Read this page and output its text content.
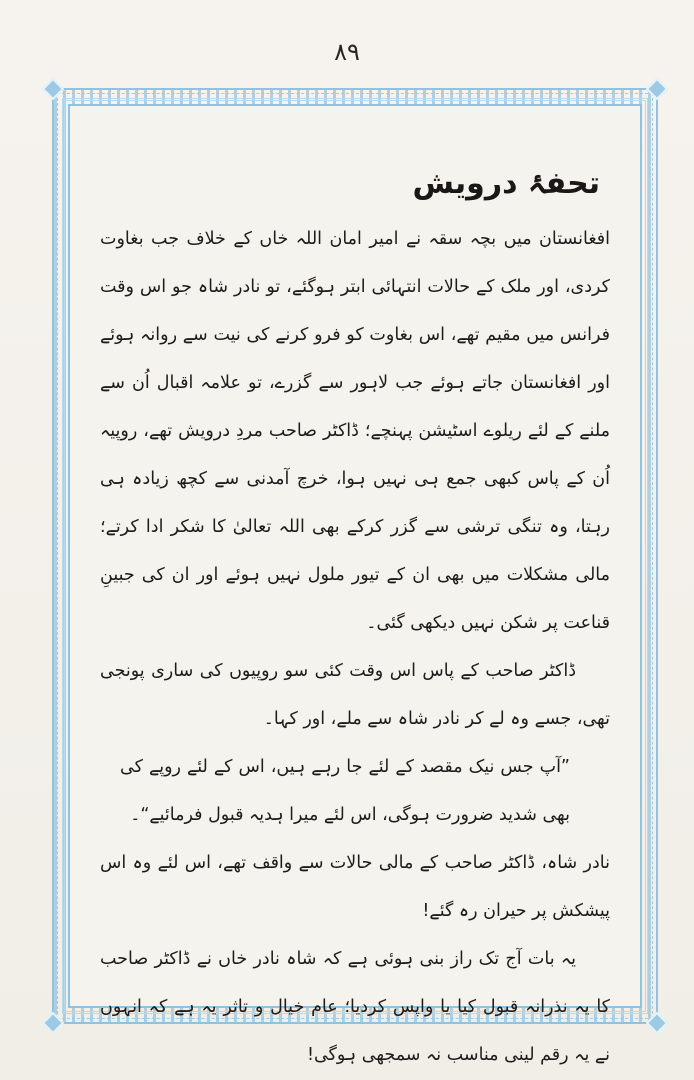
۸۹
تحفۂ درویش

افغانستان میں بچہ سقہ نے امیر امان اللہ خاں کے خلاف جب بغاوت کردی، اور ملک کے حالات انتہائی ابتر ہوگئے، تو نادر شاہ جو اس وقت فرانس میں مقیم تھے، اس بغاوت کو فرو کرنے کی نیت سے روانہ ہوئے اور افغانستان جاتے ہوئے جب لاہور سے گزرے، تو علامہ اقبال اُن سے ملنے کے لئے ریلوے اسٹیشن پہنچے؛ ڈاکٹر صاحب مردِ درویش تھے، روپیہ اُن کے پاس کبھی جمع ہی نہیں ہوا، خرچ آمدنی سے کچھ زیادہ ہی رہتا، وہ تنگی ترشی سے گزر کرکے بھی اللہ تعالیٰ کا شکر ادا کرتے؛ مالی مشکلات میں بھی ان کے تیور ملول نہیں ہوئے اور ان کی جبینِ قناعت پر شکن نہیں دیکھی گئی۔

ڈاکٹر صاحب کے پاس اس وقت کئی سو روپیوں کی ساری پونجی تھی، جسے وہ لے کر نادر شاہ سے ملے، اور کہا۔

”آپ جس نیک مقصد کے لئے جا رہے ہیں، اس کے لئے روپے کی بھی شدید ضرورت ہوگی، اس لئے میرا ہدیہ قبول فرمائیے“۔

نادر شاہ، ڈاکٹر صاحب کے مالی حالات سے واقف تھے، اس لئے وہ اس پیشکش پر حیران رہ گئے!

یہ بات آج تک راز بنی ہوئی ہے کہ شاہ نادر خاں نے ڈاکٹر صاحب کا یہ نذرانہ قبول کیا یا واپس کردیا؛ عام خیال و تاثر یہ ہے کہ انہوں نے یہ رقم لینی مناسب نہ سمجھی ہوگی!
